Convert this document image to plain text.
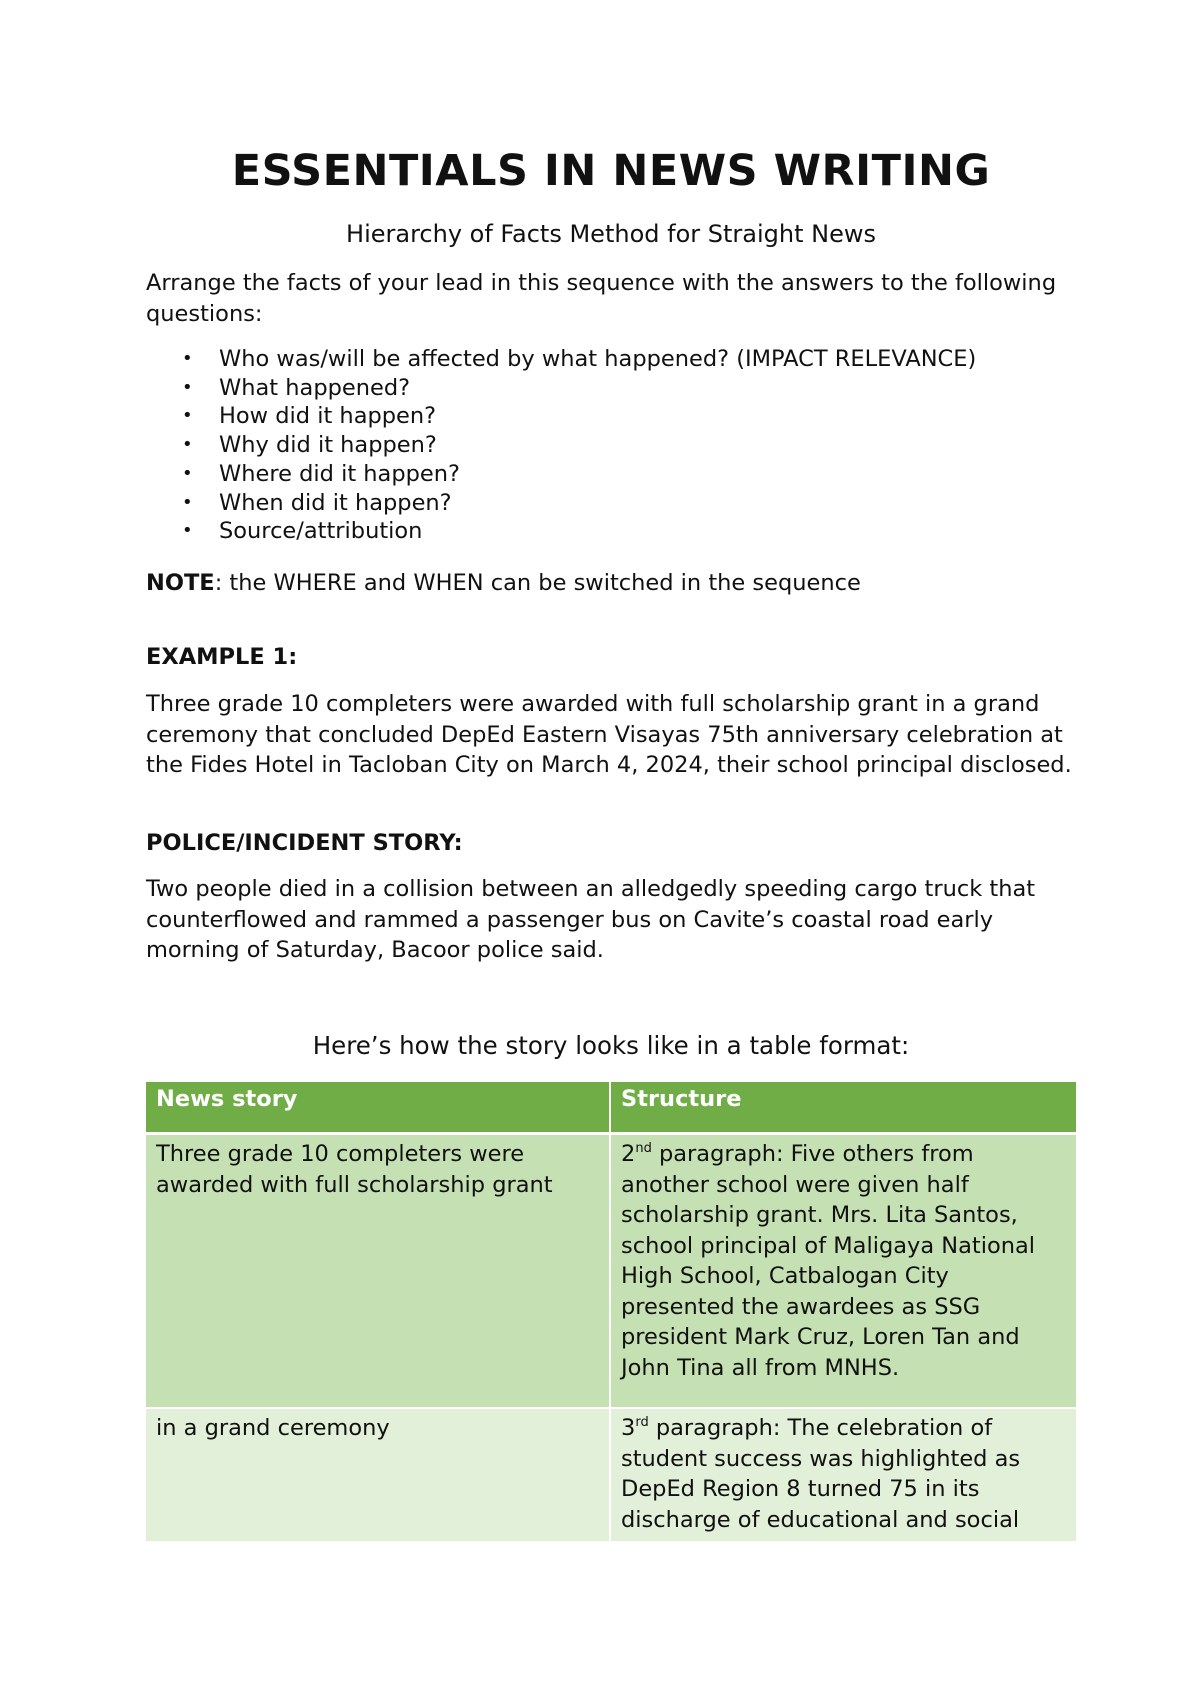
ESSENTIALS IN NEWS WRITING

Hierarchy of Facts Method for Straight News

Arrange the facts of your lead in this sequence with the answers to the following questions:

• Who was/will be affected by what happened? (IMPACT RELEVANCE)
• What happened?
• How did it happen?
• Why did it happen?
• Where did it happen?
• When did it happen?
• Source/attribution

NOTE: the WHERE and WHEN can be switched in the sequence

EXAMPLE 1:

Three grade 10 completers were awarded with full scholarship grant in a grand ceremony that concluded DepEd Eastern Visayas 75th anniversary celebration at the Fides Hotel in Tacloban City on March 4, 2024, their school principal disclosed.

POLICE/INCIDENT STORY:

Two people died in a collision between an alledgedly speeding cargo truck that counterflowed and rammed a passenger bus on Cavite’s coastal road early morning of Saturday, Bacoor police said.

Here’s how the story looks like in a table format:

News story	Structure
Three grade 10 completers were awarded with full scholarship grant	2nd paragraph: Five others from another school were given half scholarship grant. Mrs. Lita Santos, school principal of Maligaya National High School, Catbalogan City presented the awardees as SSG president Mark Cruz, Loren Tan and John Tina all from MNHS.
in a grand ceremony	3rd paragraph: The celebration of student success was highlighted as DepEd Region 8 turned 75 in its discharge of educational and social
